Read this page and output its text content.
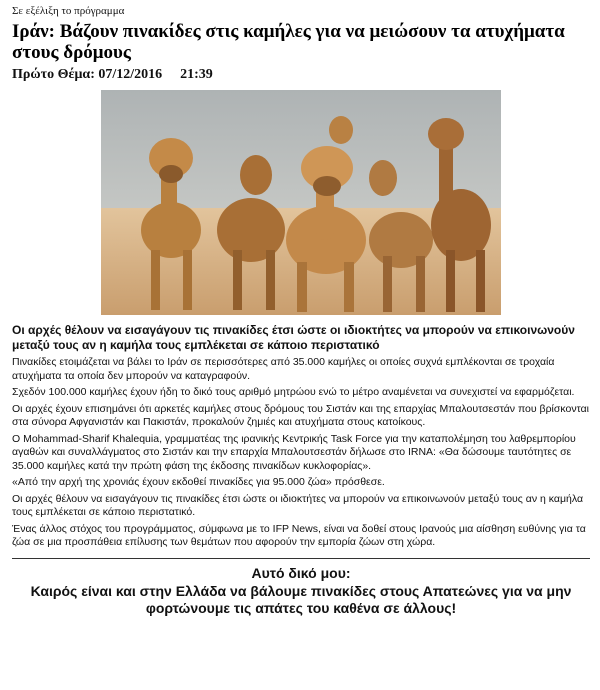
Σε εξέλιξη το πρόγραμμα

Ιράν: Βάζουν πινακίδες στις καμήλες για να μειώσουν τα ατυχήματα στους δρόμους

Πρώτο Θέμα: 07/12/2016 21:39

Οι αρχές θέλουν να εισαγάγουν τις πινακίδες έτσι ώστε οι ιδιοκτήτες να μπορούν να επικοινωνούν μεταξύ τους αν η καμήλα τους εμπλέκεται σε κάποιο περιστατικό

Πινακίδες ετοιμάζεται να βάλει το Ιράν σε περισσότερες από 35.000 καμήλες οι οποίες συχνά εμπλέκονται σε τροχαία ατυχήματα τα οποία δεν μπορούν να καταγραφούν.

Σχεδόν 100.000 καμήλες έχουν ήδη το δικό τους αριθμό μητρώου ενώ το μέτρο αναμένεται να συνεχιστεί να εφαρμόζεται.

Οι αρχές έχουν επισημάνει ότι αρκετές καμήλες στους δρόμους του Σιστάν και της επαρχίας Μπαλουτσεστάν που βρίσκονται στα σύνορα Αφγανιστάν και Πακιστάν, προκαλούν ζημιές και ατυχήματα στους κατοίκους.

Ο Mohammad-Sharif Khalequia, γραμματέας της ιρανικής Κεντρικής Task Force για την καταπολέμηση του λαθρεμπορίου αγαθών και συναλλάγματος στο Σιστάν και την επαρχία Μπαλουτσεστάν δήλωσε στο IRNA: «Θα δώσουμε ταυτότητες σε 35.000 καμήλες κατά την πρώτη φάση της έκδοσης πινακίδων κυκλοφορίας».

«Από την αρχή της χρονιάς έχουν εκδοθεί πινακίδες για 95.000 ζώα» πρόσθεσε.

Οι αρχές θέλουν να εισαγάγουν τις πινακίδες έτσι ώστε οι ιδιοκτήτες να μπορούν να επικοινωνούν μεταξύ τους αν η καμήλα τους εμπλέκεται σε κάποιο περιστατικό.

Ένας άλλος στόχος του προγράμματος, σύμφωνα με το IFP News, είναι να δοθεί στους Ιρανούς μια αίσθηση ευθύνης για τα ζώα σε μια προσπάθεια επίλυσης των θεμάτων που αφορούν την εμπορία ζώων στη χώρα.

Αυτό δικό μου:

Καιρός είναι και στην Ελλάδα να βάλουμε πινακίδες στους Απατεώνες για να μην φορτώνουμε τις απάτες του καθένα σε άλλους!
